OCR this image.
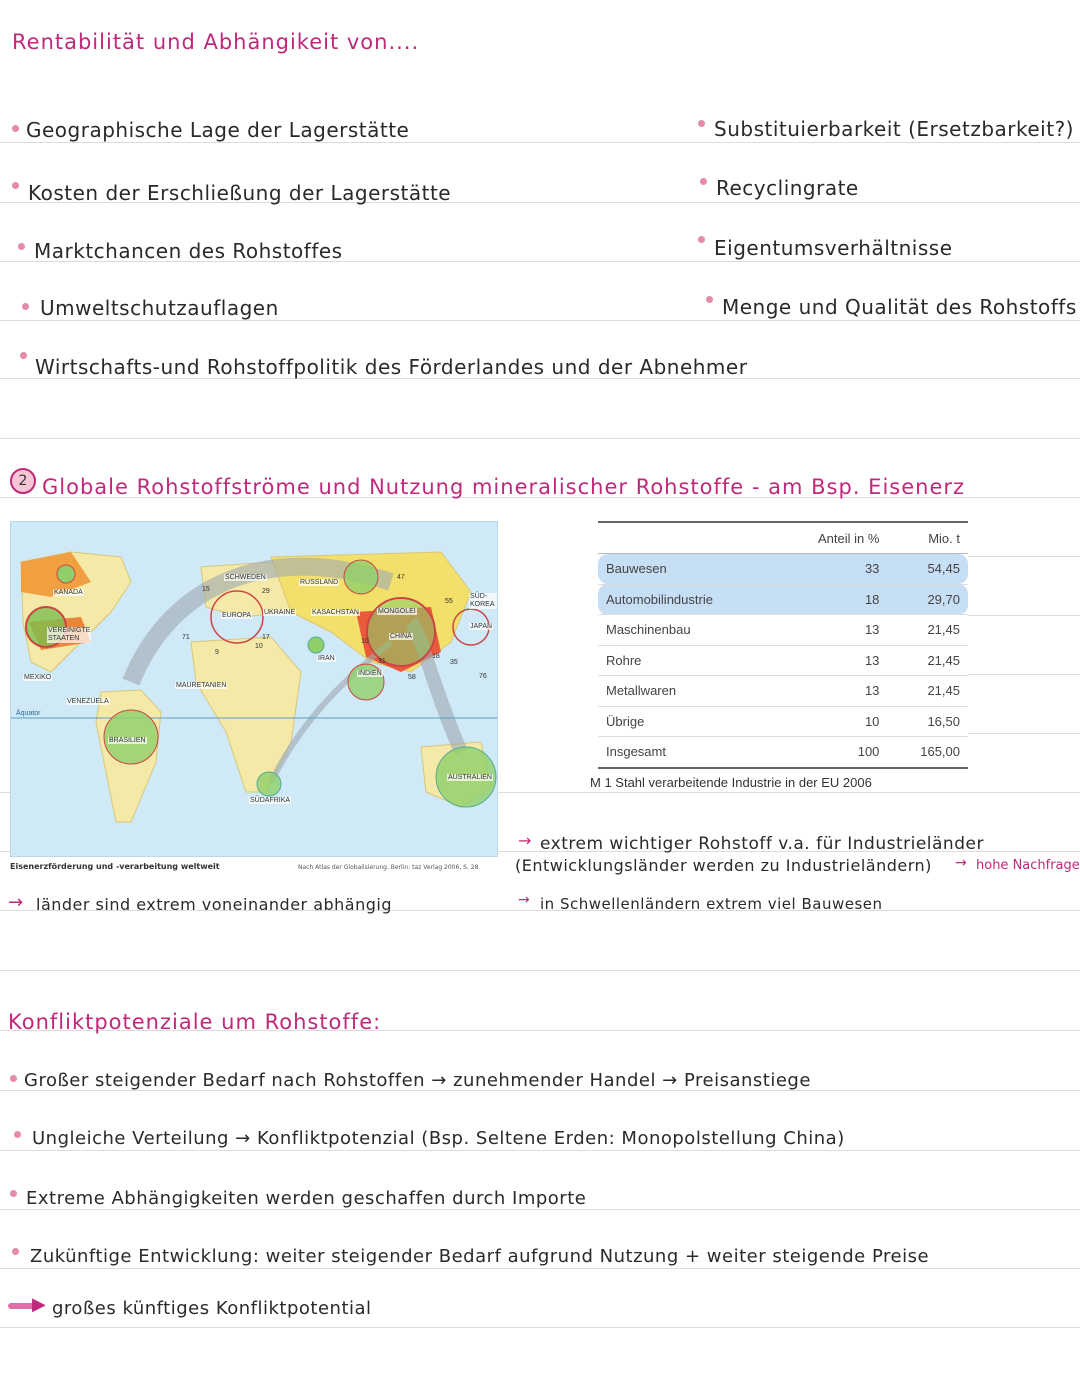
Rentabilität und Abhängikeit von....
Geographische Lage der Lagerstätte
Kosten der Erschließung der Lagerstätte
Marktchancen des Rohstoffes
Umweltschutzauflagen
Wirtschafts-und Rohstoffpolitik des Förderlandes und der Abnehmer
Substituierbarkeit (Ersetzbarkeit?)
Recyclingrate
Eigentumsverhältnisse
Menge und Qualität des Rohstoffs
2 Globale Rohstoffströme und Nutzung mineralischer Rohstoffe - am Bsp. Eisenerz
KANADA
VEREINIGTE STAATEN
MEXIKO
VENEZUELA
BRASILIEN
SCHWEDEN
EUROPA UKRAINE
RUSSLAND
KASACHSTAN	MONGOLEI
CHINA
SÜD-KOREA
JAPAN
IRAN
INDIEN
MAURETANIEN
SÜDAFRIKA
AUSTRALIEN
Äquator
15	29
47
55
71
9
17
10
10
31
18
58
35
76
Eisenerzförderung und -verarbeitung weltweit	Nach Atlas der Globalisierung. Berlin: taz Verlag 2006, S. 28
	Anteil in %	Mio. t
Bauwesen	33	54,45
Automobilindustrie	18	29,70
Maschinenbau	13	21,45
Rohre	13	21,45
Metallwaren	13	21,45
Übrige	10	16,50
Insgesamt	100	165,00
M 1 Stahl verarbeitende Industrie in der EU 2006
→ länder sind extrem voneinander abhängig
→ extrem wichtiger Rohstoff v.a. für Industrieländer
(Entwicklungsländer werden zu Industrieländern) → hohe Nachfrage
→ in Schwellenländern extrem viel Bauwesen
Konfliktpotenziale um Rohstoffe:
Großer steigender Bedarf nach Rohstoffen → zunehmender Handel → Preisanstiege
Ungleiche Verteilung → Konfliktpotenzial (Bsp. Seltene Erden: Monopolstellung China)
Extreme Abhängigkeiten werden geschaffen durch Importe
Zukünftige Entwicklung: weiter steigender Bedarf aufgrund Nutzung + weiter steigende Preise
▶ großes künftiges Konfliktpotential
